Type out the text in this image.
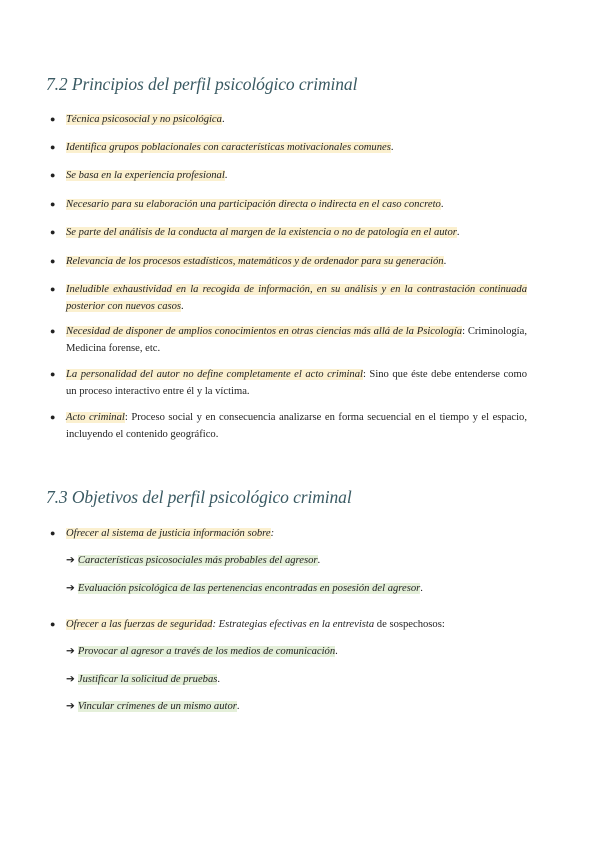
7.2 Principios del perfil psicológico criminal
● Técnica psicosocial y no psicológica.
● Identifica grupos poblacionales con características motivacionales comunes.
● Se basa en la experiencia profesional.
● Necesario para su elaboración una participación directa o indirecta en el caso concreto.
● Se parte del análisis de la conducta al margen de la existencia o no de patología en el autor.
● Relevancia de los procesos estadísticos, matemáticos y de ordenador para su generación.
● Ineludible exhaustividad en la recogida de información, en su análisis y en la contrastación continuada posterior con nuevos casos.
● Necesidad de disponer de amplios conocimientos en otras ciencias más allá de la Psicología: Criminología, Medicina forense, etc.
● La personalidad del autor no define completamente el acto criminal: Sino que éste debe entenderse como un proceso interactivo entre él y la víctima.
● Acto criminal: Proceso social y en consecuencia analizarse en forma secuencial en el tiempo y el espacio, incluyendo el contenido geográfico.
7.3 Objetivos del perfil psicológico criminal
● Ofrecer al sistema de justicia información sobre:
➔ Características psicosociales más probables del agresor.
➔ Evaluación psicológica de las pertenencias encontradas en posesión del agresor.
● Ofrecer a las fuerzas de seguridad: Estrategias efectivas en la entrevista de sospechosos:
➔ Provocar al agresor a través de los medios de comunicación.
➔ Justificar la solicitud de pruebas.
➔ Vincular crímenes de un mismo autor.
